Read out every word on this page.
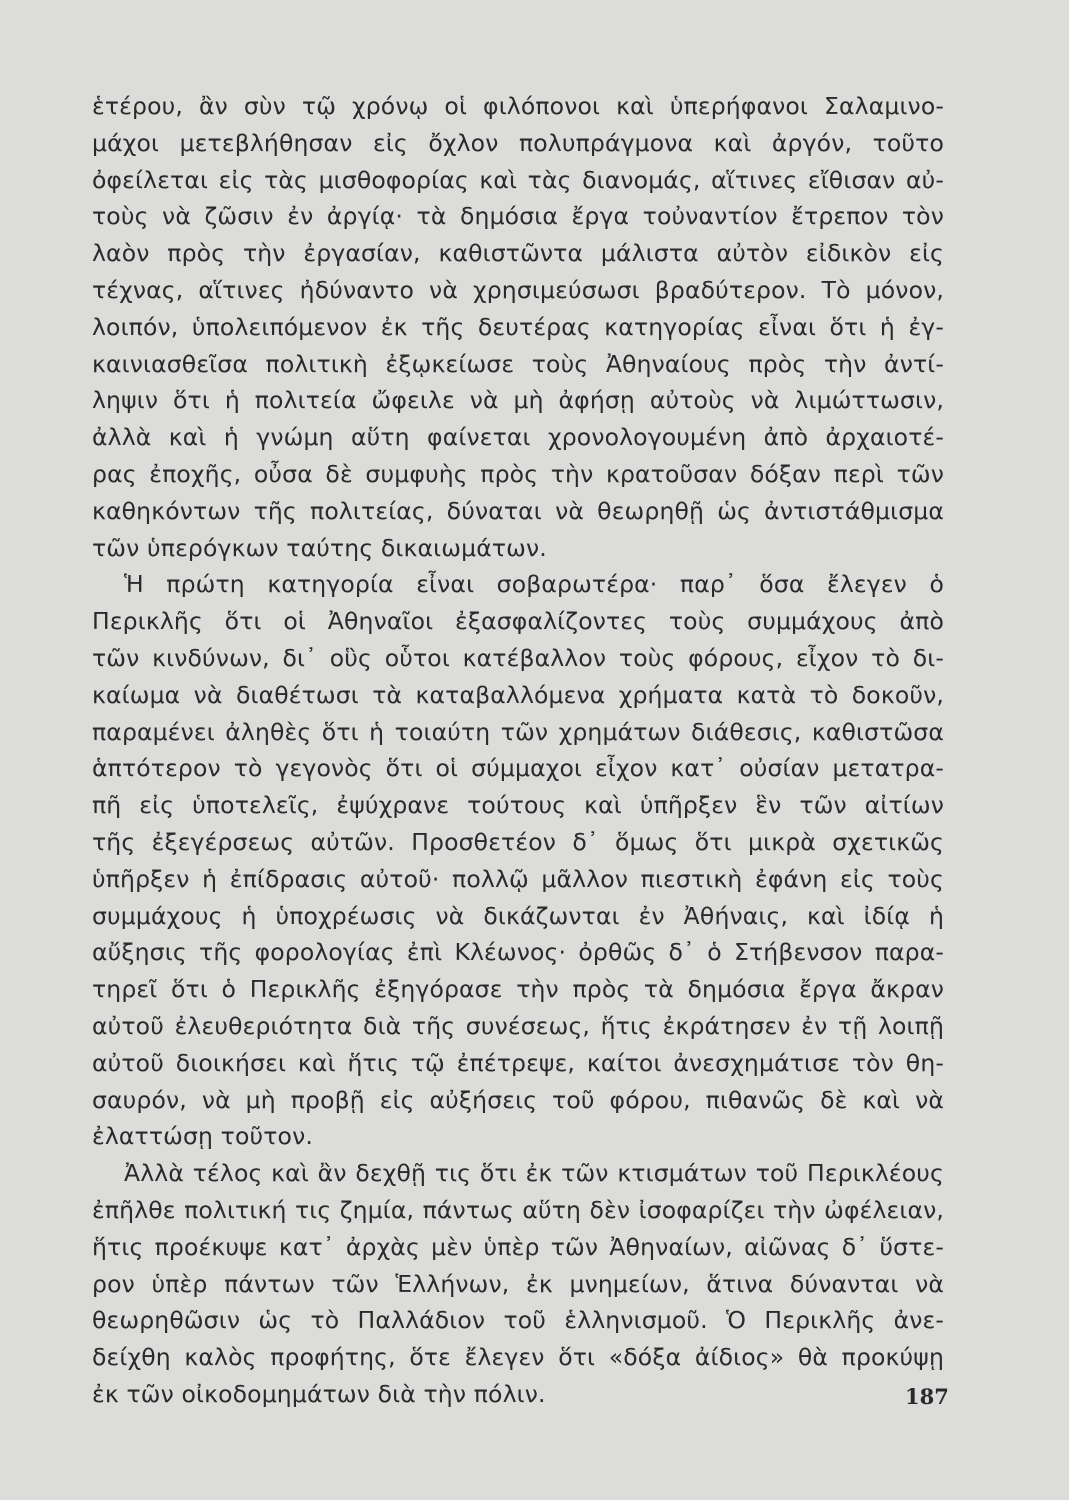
ἑτέρου, ἂν σὺν τῷ χρόνῳ οἱ φιλόπονοι καὶ ὑπερήφανοι Σαλαμινο-
μάχοι μετεβλήθησαν εἰς ὄχλον πολυπράγμονα καὶ ἀργόν, τοῦτο
ὀφείλεται εἰς τὰς μισθοφορίας καὶ τὰς διανομάς, αἵτινες εἴθισαν αὐ-
τοὺς νὰ ζῶσιν ἐν ἀργίᾳ· τὰ δημόσια ἔργα τοὐναντίον ἔτρεπον τὸν
λαὸν πρὸς τὴν ἐργασίαν, καθιστῶντα μάλιστα αὐτὸν εἰδικὸν εἰς
τέχνας, αἵτινες ἠδύναντο νὰ χρησιμεύσωσι βραδύτερον. Τὸ μόνον,
λοιπόν, ὑπολειπόμενον ἐκ τῆς δευτέρας κατηγορίας εἶναι ὅτι ἡ ἐγ-
καινιασθεῖσα πολιτικὴ ἐξῳκείωσε τοὺς Ἀθηναίους πρὸς τὴν ἀντί-
ληψιν ὅτι ἡ πολιτεία ὤφειλε νὰ μὴ ἀφήσῃ αὐτοὺς νὰ λιμώττωσιν,
ἀλλὰ καὶ ἡ γνώμη αὕτη φαίνεται χρονολογουμένη ἀπὸ ἀρχαιοτέ-
ρας ἐποχῆς, οὖσα δὲ συμφυὴς πρὸς τὴν κρατοῦσαν δόξαν περὶ τῶν
καθηκόντων τῆς πολιτείας, δύναται νὰ θεωρηθῇ ὡς ἀντιστάθμισμα
τῶν ὑπερόγκων ταύτης δικαιωμάτων.
Ἡ πρώτη κατηγορία εἶναι σοβαρωτέρα· παρ᾽ ὅσα ἔλεγεν ὁ
Περικλῆς ὅτι οἱ Ἀθηναῖοι ἐξασφαλίζοντες τοὺς συμμάχους ἀπὸ
τῶν κινδύνων, δι᾽ οὓς οὗτοι κατέβαλλον τοὺς φόρους, εἶχον τὸ δι-
καίωμα νὰ διαθέτωσι τὰ καταβαλλόμενα χρήματα κατὰ τὸ δοκοῦν,
παραμένει ἀληθὲς ὅτι ἡ τοιαύτη τῶν χρημάτων διάθεσις, καθιστῶσα
ἁπτότερον τὸ γεγονὸς ὅτι οἱ σύμμαχοι εἶχον κατ᾽ οὐσίαν μετατρα-
πῆ εἰς ὑποτελεῖς, ἐψύχρανε τούτους καὶ ὑπῆρξεν ἓν τῶν αἰτίων
τῆς ἐξεγέρσεως αὐτῶν. Προσθετέον δ᾽ ὅμως ὅτι μικρὰ σχετικῶς
ὑπῆρξεν ἡ ἐπίδρασις αὐτοῦ· πολλῷ μᾶλλον πιεστικὴ ἐφάνη εἰς τοὺς
συμμάχους ἡ ὑποχρέωσις νὰ δικάζωνται ἐν Ἀθήναις, καὶ ἰδίᾳ ἡ
αὔξησις τῆς φορολογίας ἐπὶ Κλέωνος· ὀρθῶς δ᾽ ὁ Στήβενσον παρα-
τηρεῖ ὅτι ὁ Περικλῆς ἐξηγόρασε τὴν πρὸς τὰ δημόσια ἔργα ἄκραν
αὐτοῦ ἐλευθεριότητα διὰ τῆς συνέσεως, ἥτις ἐκράτησεν ἐν τῇ λοιπῇ
αὐτοῦ διοικήσει καὶ ἥτις τῷ ἐπέτρεψε, καίτοι ἀνεσχημάτισε τὸν θη-
σαυρόν, νὰ μὴ προβῇ εἰς αὐξήσεις τοῦ φόρου, πιθανῶς δὲ καὶ νὰ
ἐλαττώσῃ τοῦτον.
Ἀλλὰ τέλος καὶ ἂν δεχθῇ τις ὅτι ἐκ τῶν κτισμάτων τοῦ Περικλέους
ἐπῆλθε πολιτική τις ζημία, πάντως αὕτη δὲν ἰσοφαρίζει τὴν ὠφέλειαν,
ἥτις προέκυψε κατ᾽ ἀρχὰς μὲν ὑπὲρ τῶν Ἀθηναίων, αἰῶνας δ᾽ ὕστε-
ρον ὑπὲρ πάντων τῶν Ἑλλήνων, ἐκ μνημείων, ἅτινα δύνανται νὰ
θεωρηθῶσιν ὡς τὸ Παλλάδιον τοῦ ἑλληνισμοῦ. Ὁ Περικλῆς ἀνε-
δείχθη καλὸς προφήτης, ὅτε ἔλεγεν ὅτι «δόξα ἀίδιος» θὰ προκύψῃ
ἐκ τῶν οἰκοδομημάτων διὰ τὴν πόλιν.	187
